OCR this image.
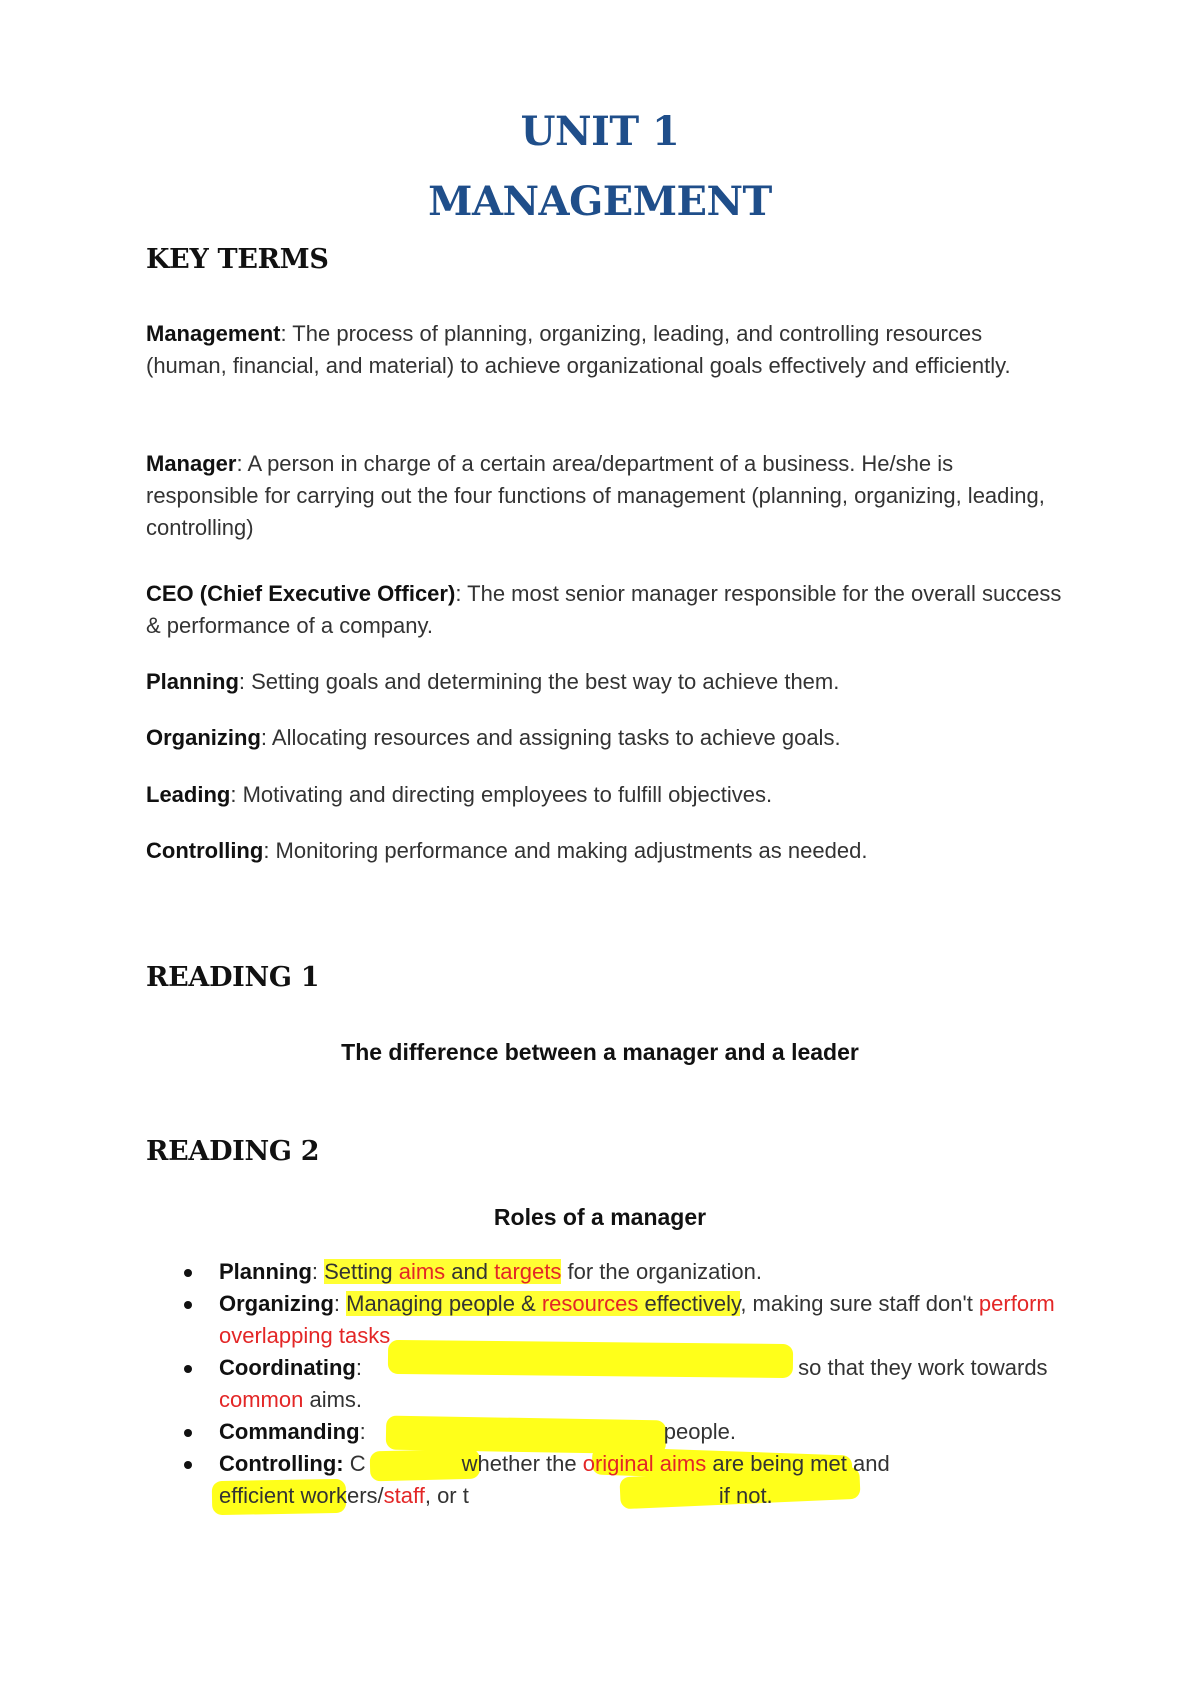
UNIT 1
MANAGEMENT
KEY TERMS

Management: The process of planning, organizing, leading, and controlling resources (human, financial, and material) to achieve organizational goals effectively and efficiently.

Manager: A person in charge of a certain area/department of a business. He/she is responsible for carrying out the four functions of management (planning, organizing, leading, controlling)

CEO (Chief Executive Officer): The most senior manager responsible for the overall success & performance of a company.

Planning: Setting goals and determining the best way to achieve them.

Organizing: Allocating resources and assigning tasks to achieve goals.

Leading: Motivating and directing employees to fulfill objectives.

Controlling: Monitoring performance and making adjustments as needed.

READING 1

The difference between a manager and a leader

READING 2

Roles of a manager

Planning: Setting aims and targets for the organization.
Organizing: Managing people & resources effectively, making sure staff don't perform overlapping tasks
Coordinating:	so that they work towards common aims.
Commanding:	people.
Controlling: C	whether the original aims are being met and efficient workers/staff, or t	if not.
